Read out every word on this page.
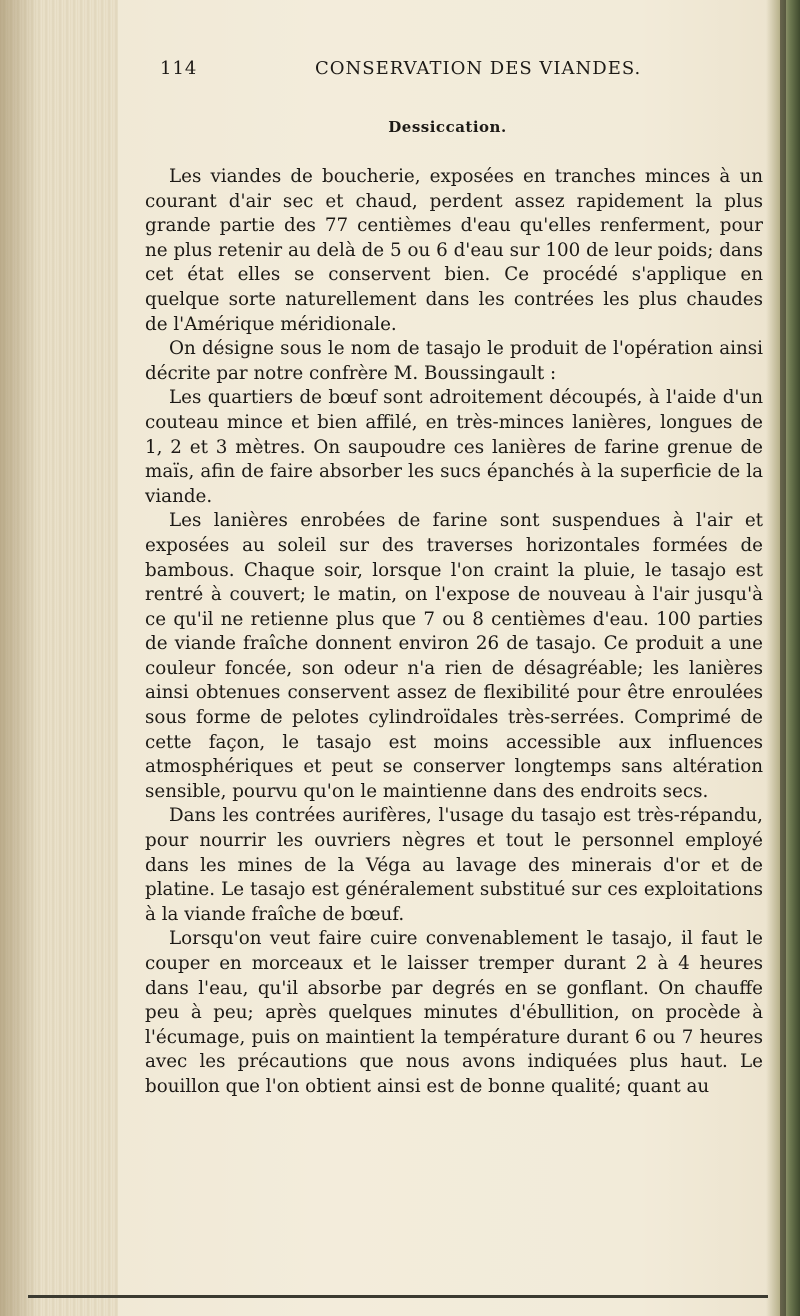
114	CONSERVATION DES VIANDES.
Dessiccation.

Les viandes de boucherie, exposées en tranches minces à un courant d'air sec et chaud, perdent assez rapidement la plus grande partie des 77 centièmes d'eau qu'elles renferment, pour ne plus retenir au delà de 5 ou 6 d'eau sur 100 de leur poids; dans cet état elles se conservent bien. Ce procédé s'applique en quelque sorte naturellement dans les contrées les plus chaudes de l'Amérique méridionale.

On désigne sous le nom de tasajo le produit de l'opération ainsi décrite par notre confrère M. Boussingault :

Les quartiers de bœuf sont adroitement découpés, à l'aide d'un couteau mince et bien affilé, en très-minces lanières, longues de 1, 2 et 3 mètres. On saupoudre ces lanières de farine grenue de maïs, afin de faire absorber les sucs épanchés à la superficie de la viande.

Les lanières enrobées de farine sont suspendues à l'air et exposées au soleil sur des traverses horizontales formées de bambous. Chaque soir, lorsque l'on craint la pluie, le tasajo est rentré à couvert; le matin, on l'expose de nouveau à l'air jusqu'à ce qu'il ne retienne plus que 7 ou 8 centièmes d'eau. 100 parties de viande fraîche donnent environ 26 de tasajo. Ce produit a une couleur foncée, son odeur n'a rien de désagréable; les lanières ainsi obtenues conservent assez de flexibilité pour être enroulées sous forme de pelotes cylindroïdales très-serrées. Comprimé de cette façon, le tasajo est moins accessible aux influences atmosphériques et peut se conserver longtemps sans altération sensible, pourvu qu'on le maintienne dans des endroits secs.

Dans les contrées aurifères, l'usage du tasajo est très-répandu, pour nourrir les ouvriers nègres et tout le personnel employé dans les mines de la Véga au lavage des minerais d'or et de platine. Le tasajo est généralement substitué sur ces exploitations à la viande fraîche de bœuf.

Lorsqu'on veut faire cuire convenablement le tasajo, il faut le couper en morceaux et le laisser tremper durant 2 à 4 heures dans l'eau, qu'il absorbe par degrés en se gonflant. On chauffe peu à peu; après quelques minutes d'ébullition, on procède à l'écumage, puis on maintient la température durant 6 ou 7 heures avec les précautions que nous avons indiquées plus haut. Le bouillon que l'on obtient ainsi est de bonne qualité; quant au
